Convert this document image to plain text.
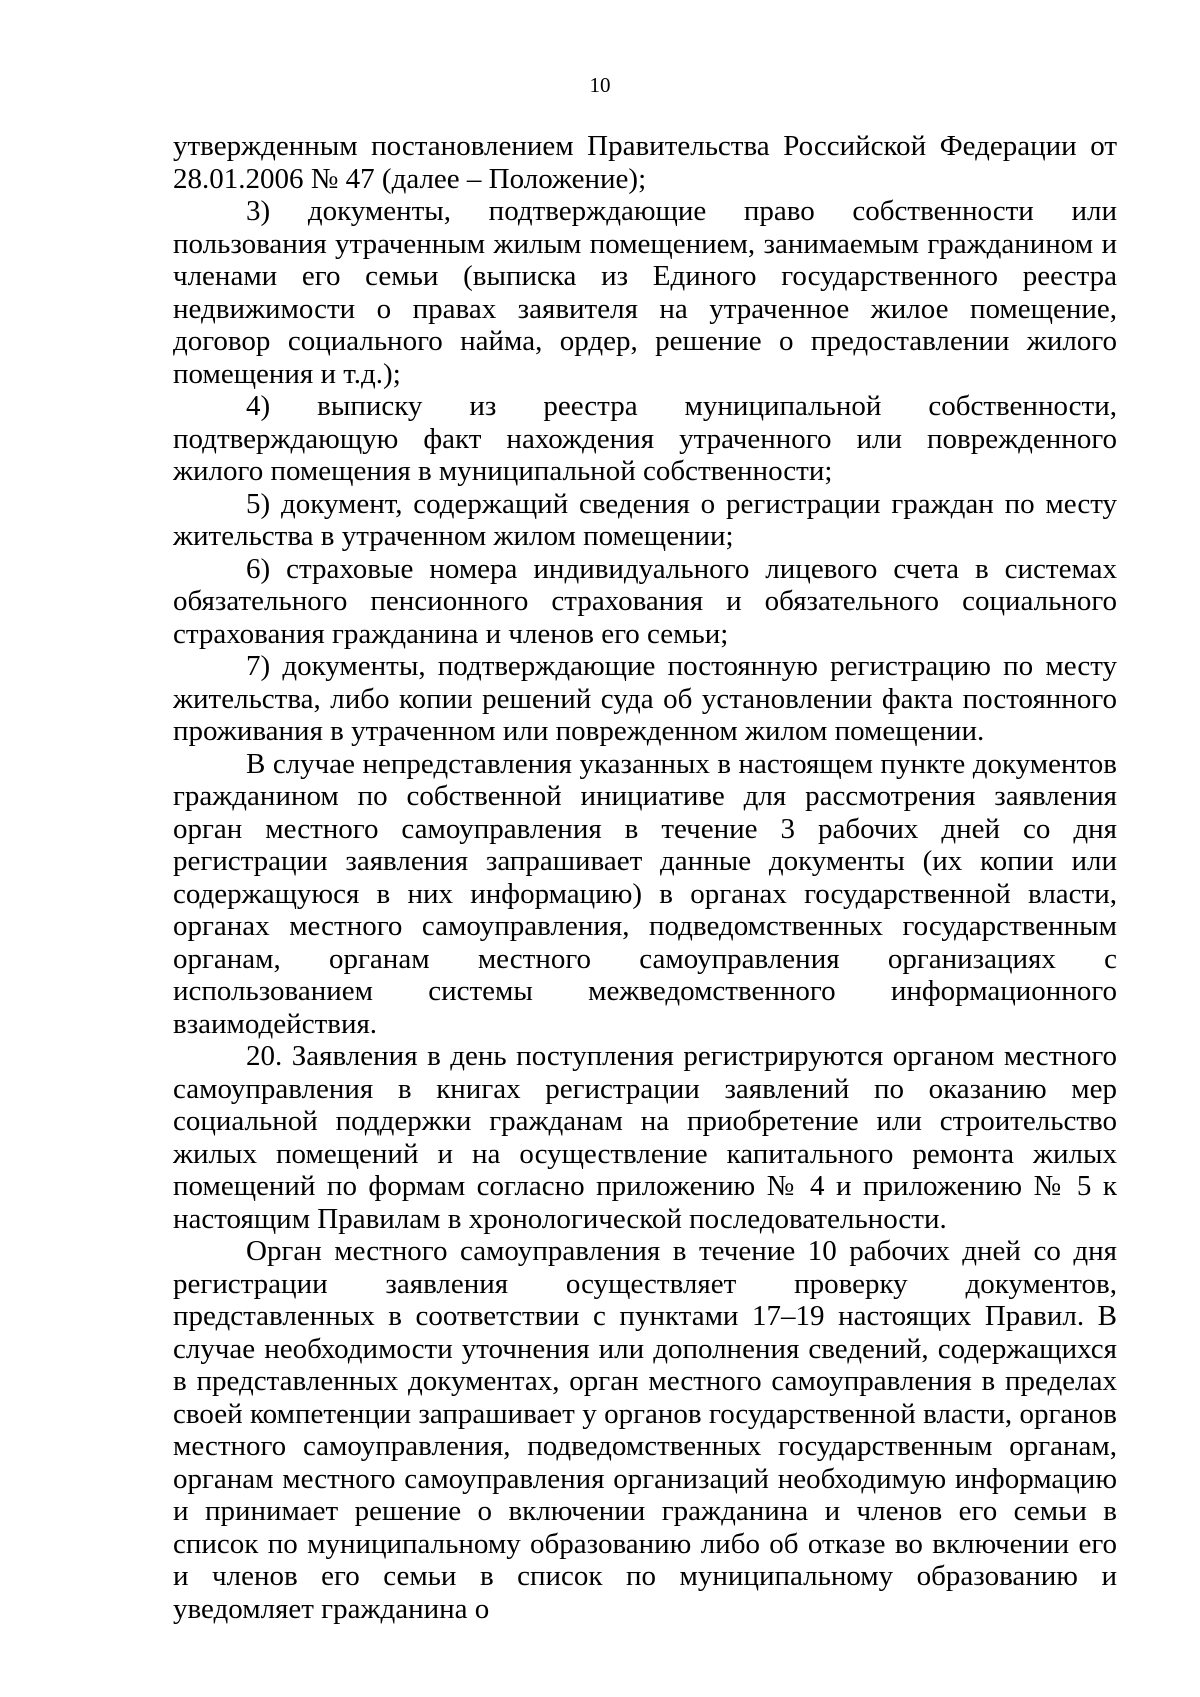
10

утвержденным постановлением Правительства Российской Федерации от 28.01.2006 № 47 (далее – Положение);

3) документы, подтверждающие право собственности или пользования утраченным жилым помещением, занимаемым гражданином и членами его семьи (выписка из Единого государственного реестра недвижимости о правах заявителя на утраченное жилое помещение, договор социального найма, ордер, решение о предоставлении жилого помещения и т.д.);

4) выписку из реестра муниципальной собственности, подтверждающую факт нахождения утраченного или поврежденного жилого помещения в муниципальной собственности;

5) документ, содержащий сведения о регистрации граждан по месту жительства в утраченном жилом помещении;

6) страховые номера индивидуального лицевого счета в системах обязательного пенсионного страхования и обязательного социального страхования гражданина и членов его семьи;

7) документы, подтверждающие постоянную регистрацию по месту жительства, либо копии решений суда об установлении факта постоянного проживания в утраченном или поврежденном жилом помещении.

В случае непредставления указанных в настоящем пункте документов гражданином по собственной инициативе для рассмотрения заявления орган местного самоуправления в течение 3 рабочих дней со дня регистрации заявления запрашивает данные документы (их копии или содержащуюся в них информацию) в органах государственной власти, органах местного самоуправления, подведомственных государственным органам, органам местного самоуправления организациях с использованием системы межведомственного информационного взаимодействия.

20. Заявления в день поступления регистрируются органом местного самоуправления в книгах регистрации заявлений по оказанию мер социальной поддержки гражданам на приобретение или строительство жилых помещений и на осуществление капитального ремонта жилых помещений по формам согласно приложению № 4 и приложению № 5 к настоящим Правилам в хронологической последовательности.

Орган местного самоуправления в течение 10 рабочих дней со дня регистрации заявления осуществляет проверку документов, представленных в соответствии с пунктами 17–19 настоящих Правил. В случае необходимости уточнения или дополнения сведений, содержащихся в представленных документах, орган местного самоуправления в пределах своей компетенции запрашивает у органов государственной власти, органов местного самоуправления, подведомственных государственным органам, органам местного самоуправления организаций необходимую информацию и принимает решение о включении гражданина и членов его семьи в список по муниципальному образованию либо об отказе во включении его и членов его семьи в список по муниципальному образованию и уведомляет гражданина о
